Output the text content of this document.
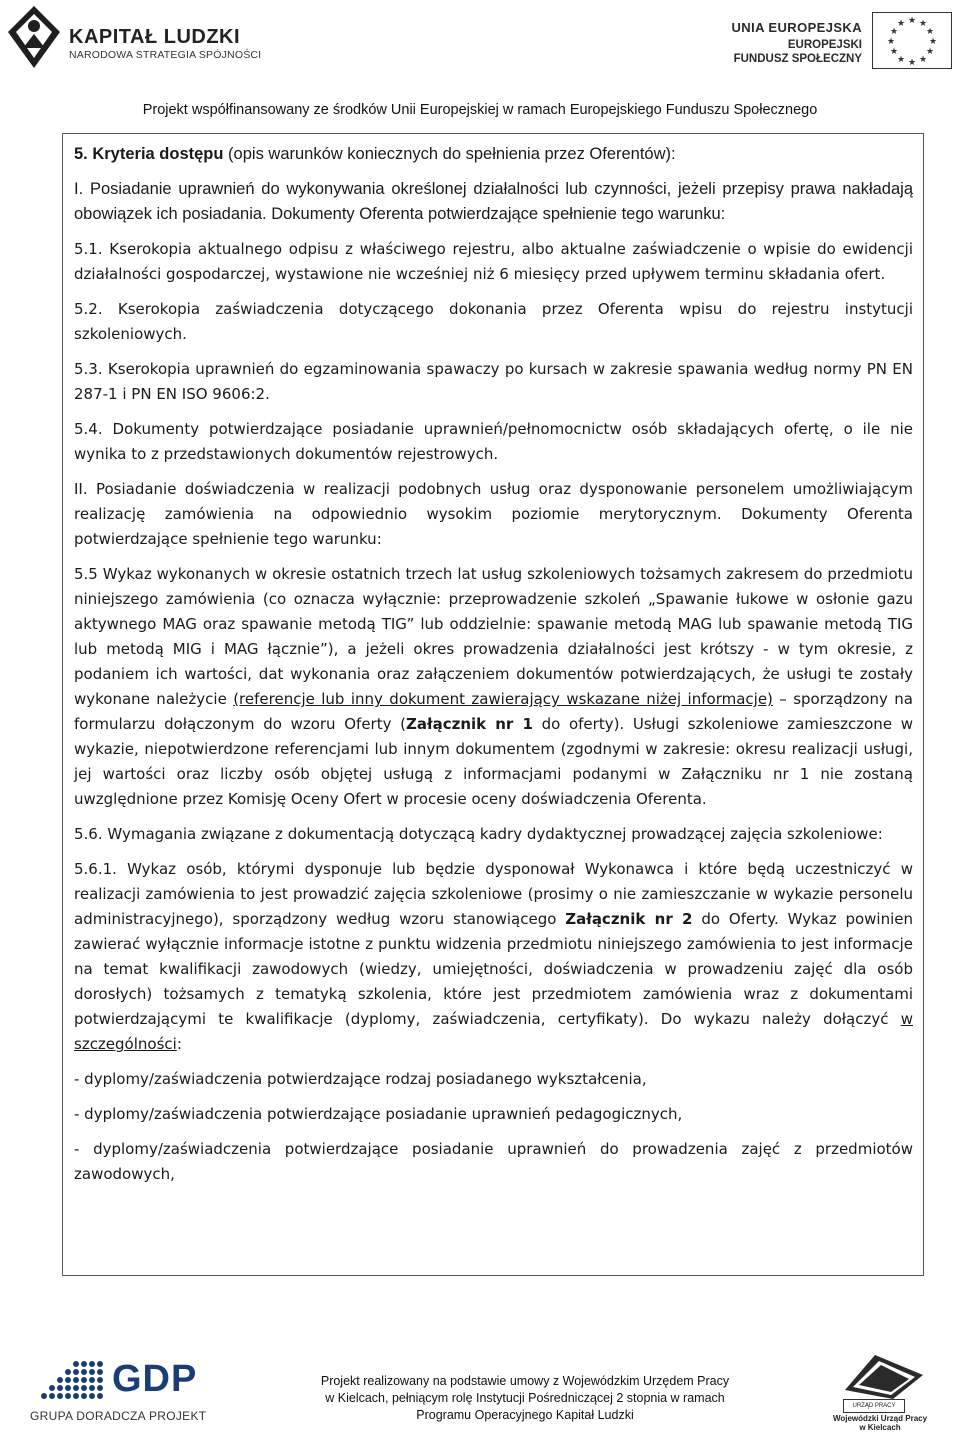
KAPITAŁ LUDZKI
NARODOWA STRATEGIA SPÓJNOŚCI
UNIA EUROPEJSKA
EUROPEJSKI
FUNDUSZ SPOŁECZNY
★ ★
★
★
★
★
★
★
★
★
★
★
Projekt współfinansowany ze środków Unii Europejskiej w ramach Europejskiego Funduszu Społecznego

5. Kryteria dostępu (opis warunków koniecznych do spełnienia przez Oferentów):

I. Posiadanie uprawnień do wykonywania określonej działalności lub czynności, jeżeli przepisy prawa nakładają obowiązek ich posiadania. Dokumenty Oferenta potwierdzające spełnienie tego warunku:

5.1. Kserokopia aktualnego odpisu z właściwego rejestru, albo aktualne zaświadczenie o wpisie do ewidencji działalności gospodarczej, wystawione nie wcześniej niż 6 miesięcy przed upływem terminu składania ofert.

5.2. Kserokopia zaświadczenia dotyczącego dokonania przez Oferenta wpisu do rejestru instytucji szkoleniowych.

5.3. Kserokopia uprawnień do egzaminowania spawaczy po kursach w zakresie spawania według normy PN EN 287-1 i PN EN ISO 9606:2.

5.4. Dokumenty potwierdzające posiadanie uprawnień/pełnomocnictw osób składających ofertę, o ile nie wynika to z przedstawionych dokumentów rejestrowych.

II. Posiadanie doświadczenia w realizacji podobnych usług oraz dysponowanie personelem umożliwiającym realizację zamówienia na odpowiednio wysokim poziomie merytorycznym. Dokumenty Oferenta potwierdzające spełnienie tego warunku:

5.5 Wykaz wykonanych w okresie ostatnich trzech lat usług szkoleniowych tożsamych zakresem do przedmiotu niniejszego zamówienia (co oznacza wyłącznie: przeprowadzenie szkoleń „Spawanie łukowe w osłonie gazu aktywnego MAG oraz spawanie metodą TIG” lub oddzielnie: spawanie metodą MAG lub spawanie metodą TIG lub metodą MIG i MAG łącznie”), a jeżeli okres prowadzenia działalności jest krótszy - w tym okresie, z podaniem ich wartości, dat wykonania oraz załączeniem dokumentów potwierdzających, że usługi te zostały wykonane należycie (referencje lub inny dokument zawierający wskazane niżej informacje) – sporządzony na formularzu dołączonym do wzoru Oferty (Załącznik nr 1 do oferty). Usługi szkoleniowe zamieszczone w wykazie, niepotwierdzone referencjami lub innym dokumentem (zgodnymi w zakresie: okresu realizacji usługi, jej wartości oraz liczby osób objętej usługą z informacjami podanymi w Załączniku nr 1 nie zostaną uwzględnione przez Komisję Oceny Ofert w procesie oceny doświadczenia Oferenta.

5.6. Wymagania związane z dokumentacją dotyczącą kadry dydaktycznej prowadzącej zajęcia szkoleniowe:

5.6.1. Wykaz osób, którymi dysponuje lub będzie dysponował Wykonawca i które będą uczestniczyć w realizacji zamówienia to jest prowadzić zajęcia szkoleniowe (prosimy o nie zamieszczanie w wykazie personelu administracyjnego), sporządzony według wzoru stanowiącego Załącznik nr 2 do Oferty. Wykaz powinien zawierać wyłącznie informacje istotne z punktu widzenia przedmiotu niniejszego zamówienia to jest informacje na temat kwalifikacji zawodowych (wiedzy, umiejętności, doświadczenia w prowadzeniu zajęć dla osób dorosłych) tożsamych z tematyką szkolenia, które jest przedmiotem zamówienia wraz z dokumentami potwierdzającymi te kwalifikacje (dyplomy, zaświadczenia, certyfikaty). Do wykazu należy dołączyć w szczególności:

- dyplomy/zaświadczenia potwierdzające rodzaj posiadanego wykształcenia,

- dyplomy/zaświadczenia potwierdzające posiadanie uprawnień pedagogicznych,

- dyplomy/zaświadczenia potwierdzające posiadanie uprawnień do prowadzenia zajęć z przedmiotów zawodowych,

GDP
GRUPA DORADCZA PROJEKT
Projekt realizowany na podstawie umowy z Wojewódzkim Urzędem Pracy
w Kielcach, pełniącym rolę Instytucji Pośredniczącej 2 stopnia w ramach
Programu Operacyjnego Kapitał Ludzki
URZĄD PRACY
Wojewódzki Urząd Pracy
w Kielcach
